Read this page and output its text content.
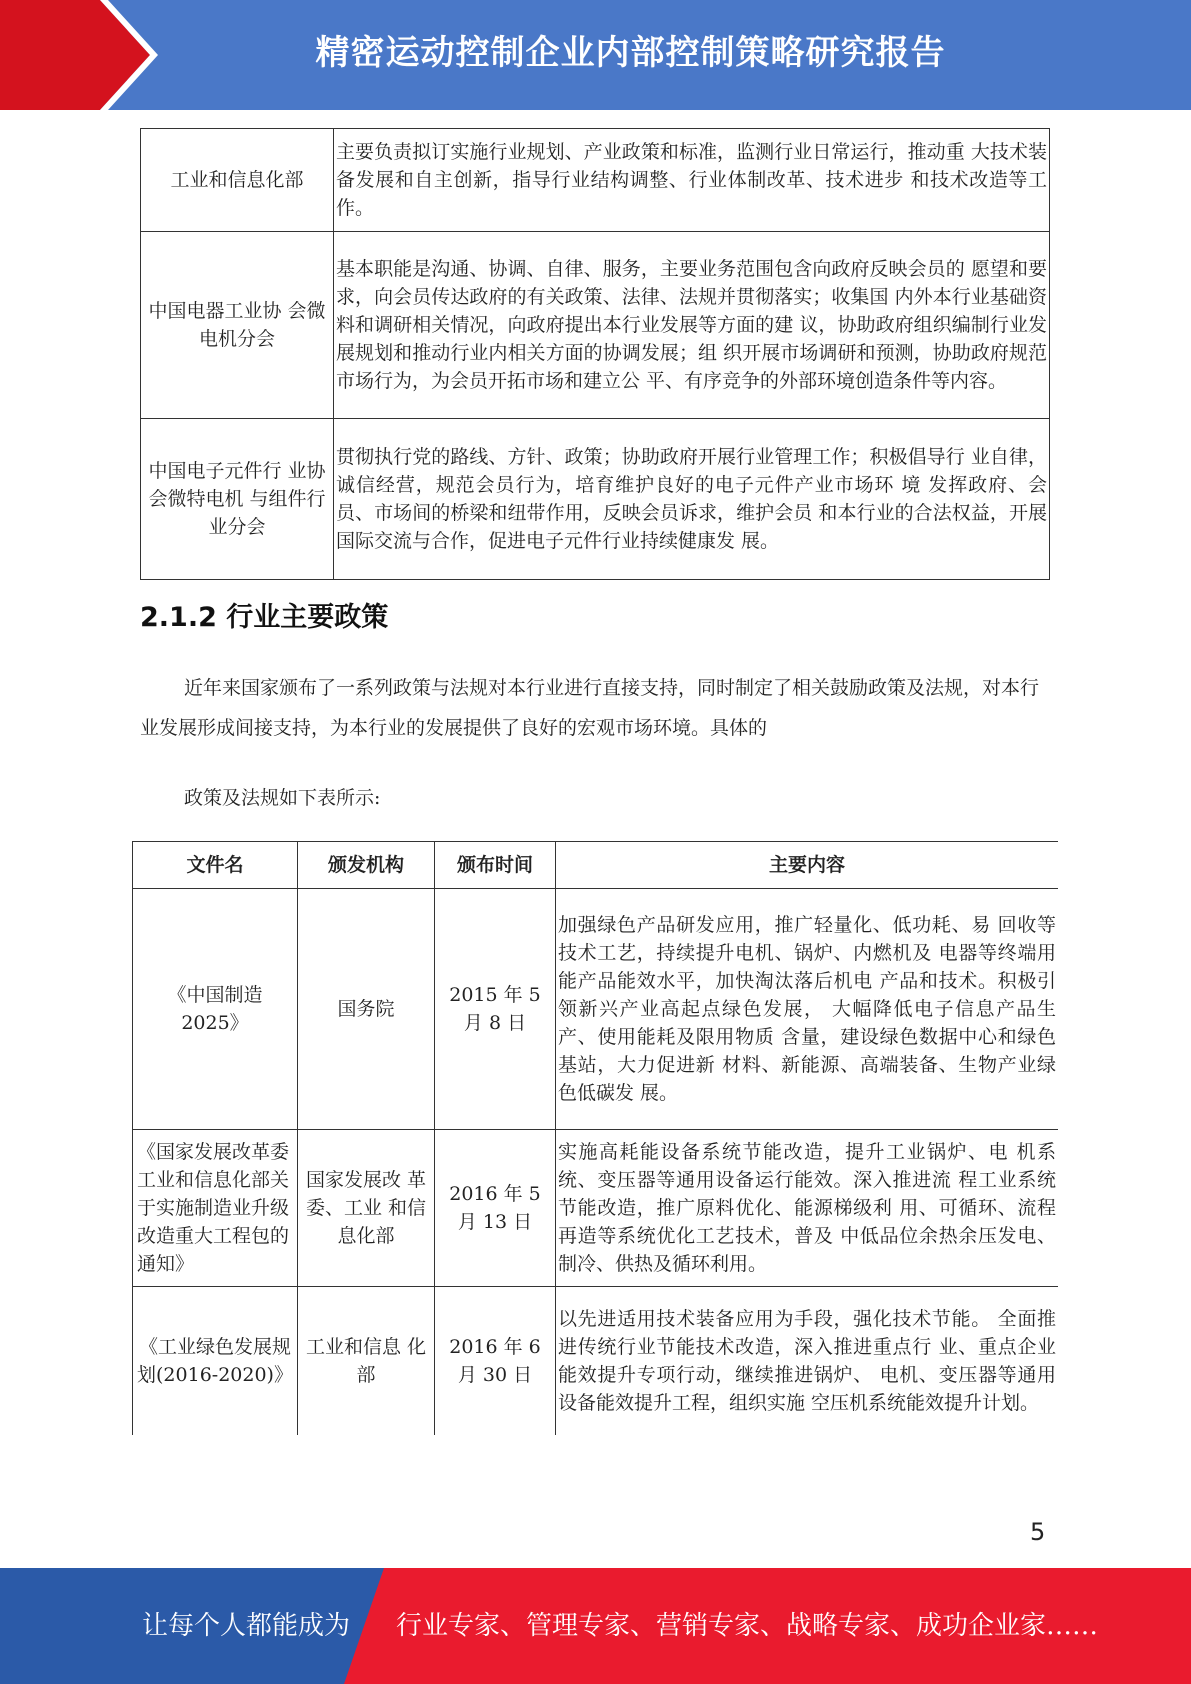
精密运动控制企业内部控制策略研究报告
工业和信息化部	主要负责拟订实施行业规划、产业政策和标准，监测行业日常运行，推动重 大技术装备发展和自主创新，指导行业结构调整、行业体制改革、技术进步 和技术改造等工作。
中国电器工业协 会微电机分会	基本职能是沟通、协调、自律、服务，主要业务范围包含向政府反映会员的 愿望和要求，向会员传达政府的有关政策、法律、法规并贯彻落实；收集国 内外本行业基础资料和调研相关情况，向政府提出本行业发展等方面的建 议，协助政府组织编制行业发展规划和推动行业内相关方面的协调发展；组 织开展市场调研和预测，协助政府规范市场行为，为会员开拓市场和建立公 平、有序竞争的外部环境创造条件等内容。
中国电子元件行 业协会微特电机 与组件行业分会	贯彻执行党的路线、方针、政策；协助政府开展行业管理工作；积极倡导行 业自律，诚信经营，规范会员行为，培育维护良好的电子元件产业市场环 境 发挥政府、会员、市场间的桥梁和纽带作用，反映会员诉求，维护会员 和本行业的合法权益，开展国际交流与合作，促进电子元件行业持续健康发 展。
2.1.2 行业主要政策
近年来国家颁布了一系列政策与法规对本行业进行直接支持，同时制定了相关鼓励政策及法规，对本行业发展形成间接支持，为本行业的发展提供了良好的宏观市场环境。具体的
政策及法规如下表所示:
文件名	颁发机构	颁布时间	主要内容
《中国制造 2025》	国务院	2015 年 5 月 8 日	加强绿色产品研发应用，推广轻量化、低功耗、易 回收等技术工艺，持续提升电机、锅炉、内燃机及 电器等终端用能产品能效水平，加快淘汰落后机电 产品和技术。积极引领新兴产业高起点绿色发展， 大幅降低电子信息产品生产、使用能耗及限用物质 含量，建设绿色数据中心和绿色基站，大力促进新 材料、新能源、高端装备、生物产业绿色低碳发 展。
《国家发展改革委工业和信息化部关于实施制造业升级改造重大工程包的通知》	国家发展改 革委、工业 和信息化部	2016 年 5 月 13 日	实施高耗能设备系统节能改造，提升工业锅炉、电 机系统、变压器等通用设备运行能效。深入推进流 程工业系统节能改造，推广原料优化、能源梯级利 用、可循环、流程再造等系统优化工艺技术，普及 中低品位余热余压发电、制冷、供热及循环利用。
《工业绿色发展规划(2016-2020)》	工业和信息 化部	2016 年 6 月 30 日	以先进适用技术装备应用为手段，强化技术节能。 全面推进传统行业节能技术改造，深入推进重点行 业、重点企业能效提升专项行动，继续推进锅炉、 电机、变压器等通用设备能效提升工程，组织实施 空压机系统能效提升计划。
5
让每个人都能成为 行业专家、管理专家、营销专家、战略专家、成功企业家……
